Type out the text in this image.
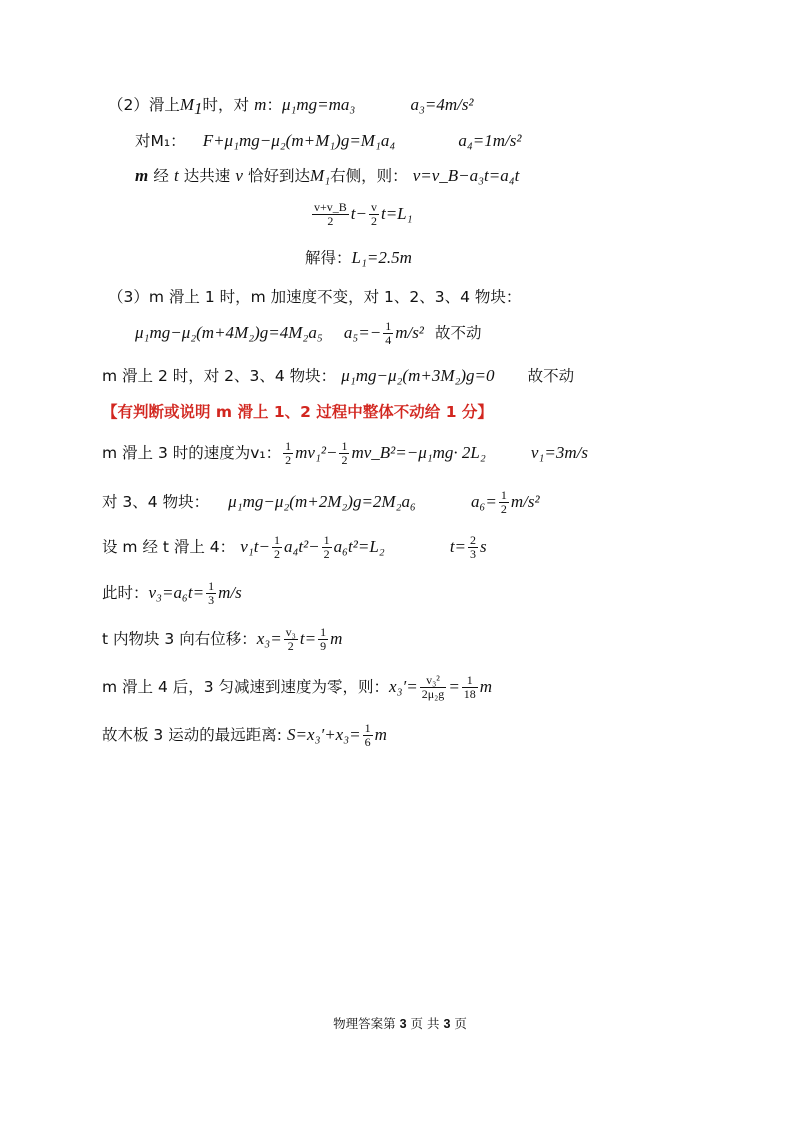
（2）滑上$M_1$时，对 m：μ₁mg=ma₃	a₃=4m/s²
对M₁： F+μ₁mg−μ₂(m+M₁)g=M₁a₄	a₄=1m/s²
m 经 t 达共速 v 恰好到达M₁右侧，则： v=v_B−a₃t=a₄t
$\frac{v+v\_B}{2} t- \frac{v}{2} t=L_1$
解得：L₁=2.5m
（3）m 滑上 1 时，m 加速度不变，对 1、2、3、4 物块：
μ₁mg−μ₂(m+4M₂)g=4M₂a₅ $a_5=- \frac{1}{4} m/s^2$ 故不动
m 滑上 2 时，对 2、3、4 物块： μ₁mg−μ₂(m+3M₂)g=0 故不动
【有判断或说明 m 滑上 1、2 过程中整体不动给 1 分】
m 滑上 3 时的速度为v₁： $\frac{1}{2} mv_1^2- \frac{1}{2}$ mv_B²=−μ₁mg· 2L₂	v₁=3m/s
对 3、4 物块： μ₁mg−μ₂(m+2M₂)g=2M₂a₆	$a_6= \frac{1}{2} m/s^2$
设 m 经 t 滑上 4： $v_1t- \frac{1}{2} a_4t^2- \frac{1}{2} a_6t^2=L_2$	$t= \frac{2}{3}$ s
此时：$v_3=a_6t= \frac{1}{3} m/s$
t 内物块 3 向右位移：$x_3= \frac{\text{v₃}}{2} t= \frac{1}{9}$ m
m 滑上 4 后，3 匀减速到速度为零，则：$x_3'= \frac{\text{v₃²}}{\text{2μ₂g}} = \frac{1}{18}$ m
故木板 3 运动的最远距离: $S=x_3'+x_3= \frac{1}{6}$ m
物理答案第 3 页 共 3 页
